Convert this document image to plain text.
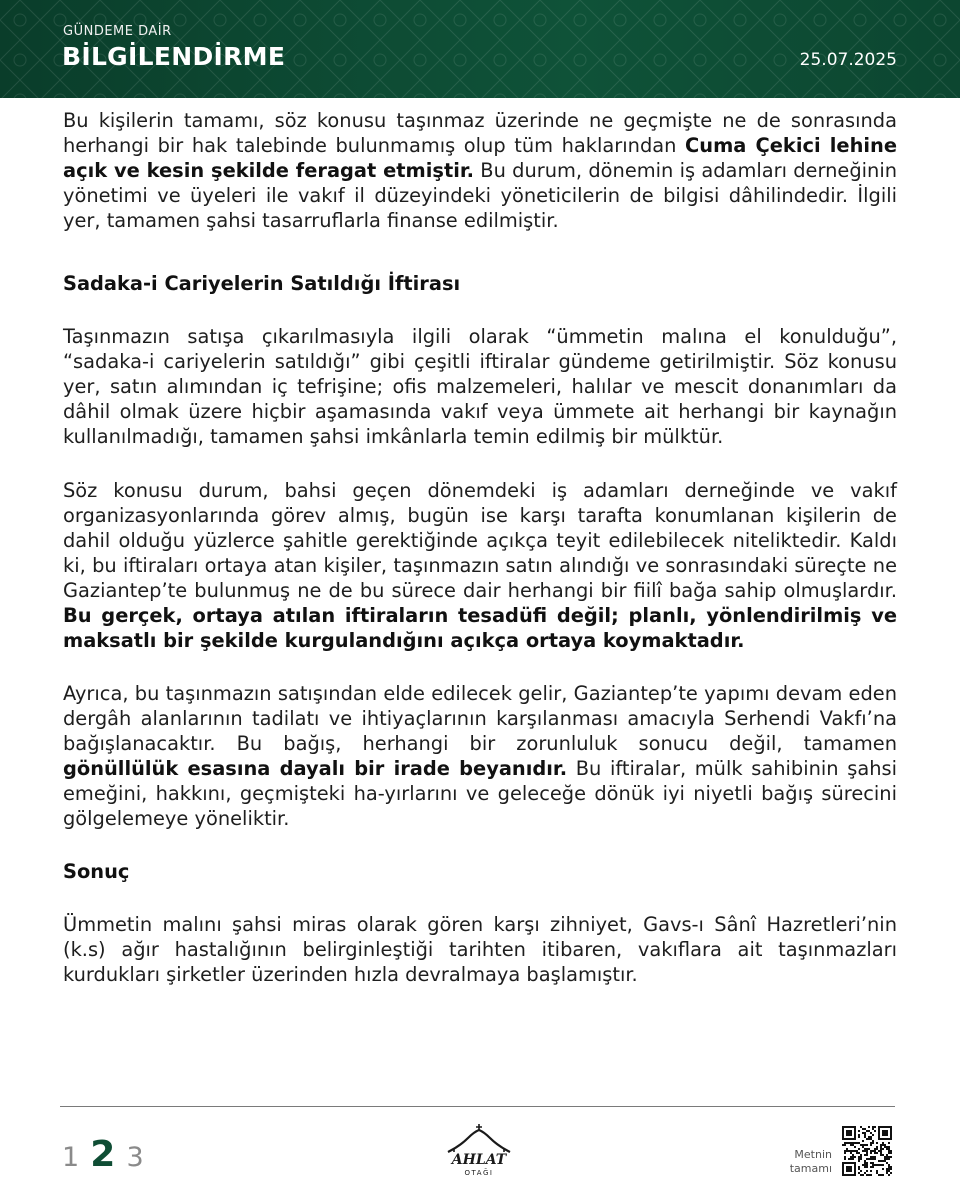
GÜNDEME DAİR
BİLGİLENDİRME	25.07.2025

Bu kişilerin tamamı, söz konusu taşınmaz üzerinde ne geçmişte ne de sonrasında herhangi bir hak talebinde bulunmamış olup tüm haklarından Cuma Çekici lehine açık ve kesin şekilde feragat etmiştir. Bu durum, dönemin iş adamları derneğinin yönetimi ve üyeleri ile vakıf il düzeyindeki yöneticilerin de bilgisi dâhilindedir. İlgili yer, tamamen şahsi tasarruflarla finanse edilmiştir.

Sadaka-i Cariyelerin Satıldığı İftirası

Taşınmazın satışa çıkarılmasıyla ilgili olarak “ümmetin malına el konulduğu”, “sadaka-i cariyelerin satıldığı” gibi çeşitli iftiralar gündeme getirilmiştir. Söz konusu yer, satın alımından iç tefrişine; ofis malzemeleri, halılar ve mescit donanımları da dâhil olmak üzere hiçbir aşamasında vakıf veya ümmete ait herhangi bir kaynağın kullanılmadığı, tamamen şahsi imkânlarla temin edilmiş bir mülktür.

Söz konusu durum, bahsi geçen dönemdeki iş adamları derneğinde ve vakıf organizasyonlarında görev almış, bugün ise karşı tarafta konumlanan kişilerin de dahil olduğu yüzlerce şahitle gerektiğinde açıkça teyit edilebilecek niteliktedir. Kaldı ki, bu iftiraları ortaya atan kişiler, taşınmazın satın alındığı ve sonrasındaki süreçte ne Gaziantep’te bulunmuş ne de bu sürece dair herhangi bir fiilî bağa sahip olmuşlardır. Bu gerçek, ortaya atılan iftiraların tesadüfi değil; planlı, yönlendirilmiş ve maksatlı bir şekilde kurgulandığını açıkça ortaya koymaktadır.

Ayrıca, bu taşınmazın satışından elde edilecek gelir, Gaziantep’te yapımı devam eden dergâh alanlarının tadilatı ve ihtiyaçlarının karşılanması amacıyla Serhendi Vakfı’na bağışlanacaktır. Bu bağış, herhangi bir zorunluluk sonucu değil, tamamen gönüllülük esasına dayalı bir irade beyanıdır. Bu iftiralar, mülk sahibinin şahsi emeğini, hakkını, geçmişteki ha-yırlarını ve geleceğe dönük iyi niyetli bağış sürecini gölgelemeye yöneliktir.

Sonuç

Ümmetin malını şahsi miras olarak gören karşı zihniyet, Gavs-ı Sânî Hazretleri’nin (k.s) ağır hastalığının belirginleştiği tarihten itibaren, vakıflara ait taşınmazları kurdukları şirketler üzerinden hızla devralmaya başlamıştır.

1 2 3	AHLAT
OTAĞI
Metnin
tamamı
